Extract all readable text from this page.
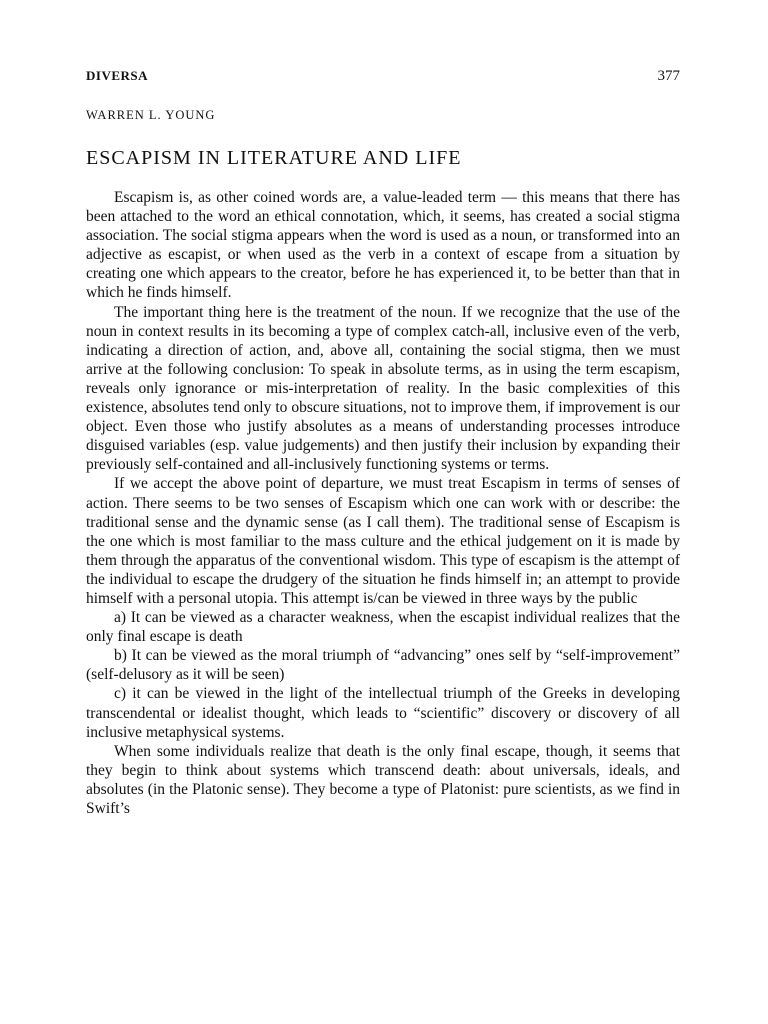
DIVERSA	377
WARREN L. YOUNG
ESCAPISM IN LITERATURE AND LIFE

Escapism is, as other coined words are, a value-leaded term — this means that there has been attached to the word an ethical connotation, which, it seems, has created a social stigma association. The social stigma appears when the word is used as a noun, or transformed into an adjective as escapist, or when used as the verb in a context of escape from a situation by creating one which appears to the creator, before he has experienced it, to be better than that in which he finds himself.

The important thing here is the treatment of the noun. If we recognize that the use of the noun in context results in its becoming a type of complex catch-all, inclusive even of the verb, indicating a direction of action, and, above all, containing the social stigma, then we must arrive at the following conclusion: To speak in absolute terms, as in using the term escapism, reveals only ignorance or mis-interpretation of reality. In the basic complexities of this existence, absolutes tend only to obscure situations, not to improve them, if improvement is our object. Even those who justify absolutes as a means of understanding processes introduce disguised variables (esp. value judgements) and then justify their inclusion by expanding their previously self-contained and all-inclusively functioning systems or terms.

If we accept the above point of departure, we must treat Escapism in terms of senses of action. There seems to be two senses of Escapism which one can work with or describe: the traditional sense and the dynamic sense (as I call them). The traditional sense of Escapism is the one which is most familiar to the mass culture and the ethical judgement on it is made by them through the apparatus of the conventional wisdom. This type of escapism is the attempt of the individual to escape the drudgery of the situation he finds himself in; an attempt to provide himself with a personal utopia. This attempt is/can be viewed in three ways by the public

a) It can be viewed as a character weakness, when the escapist individual realizes that the only final escape is death

b) It can be viewed as the moral triumph of “advancing” ones self by “self-improvement” (self-delusory as it will be seen)

c) it can be viewed in the light of the intellectual triumph of the Greeks in developing transcendental or idealist thought, which leads to “scientific” discovery or discovery of all inclusive metaphysical systems.

When some individuals realize that death is the only final escape, though, it seems that they begin to think about systems which transcend death: about universals, ideals, and absolutes (in the Platonic sense). They become a type of Platonist: pure scientists, as we find in Swift’s
